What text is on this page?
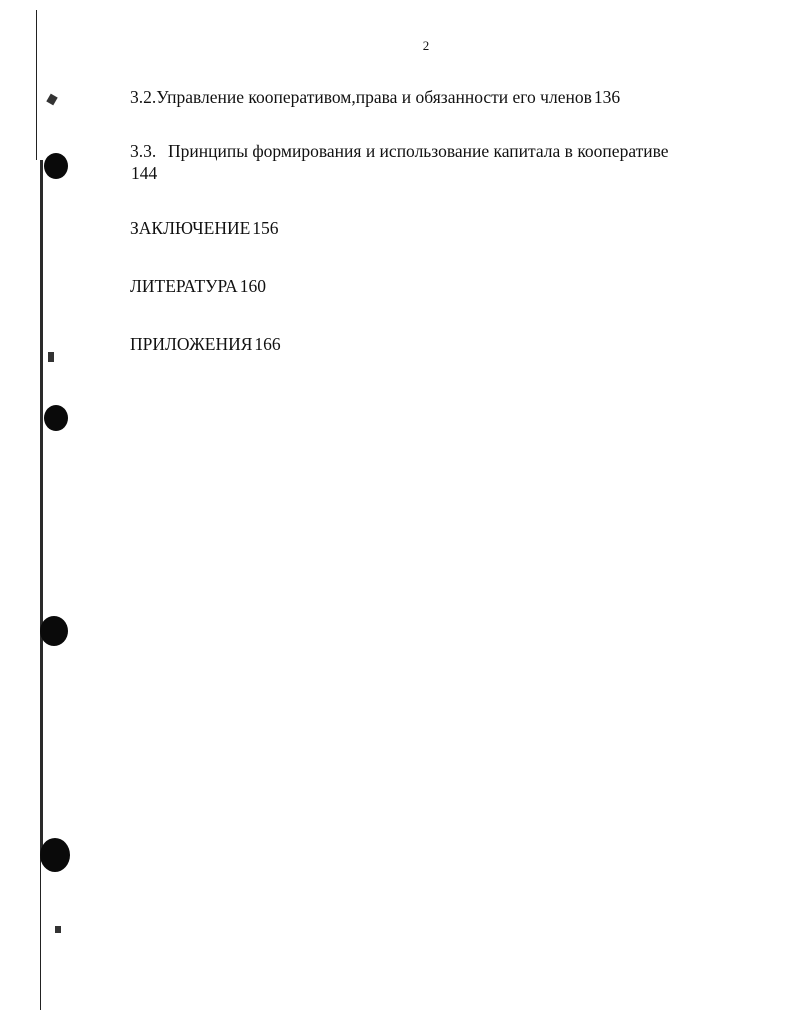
2
3.2. Управление кооперативом,права и обязанности его членов 136
3.3. Принципы формирования и использование капитала в кооперативе
144
ЗАКЛЮЧЕНИЕ 156
ЛИТЕРАТУРА 160
ПРИЛОЖЕНИЯ 166
